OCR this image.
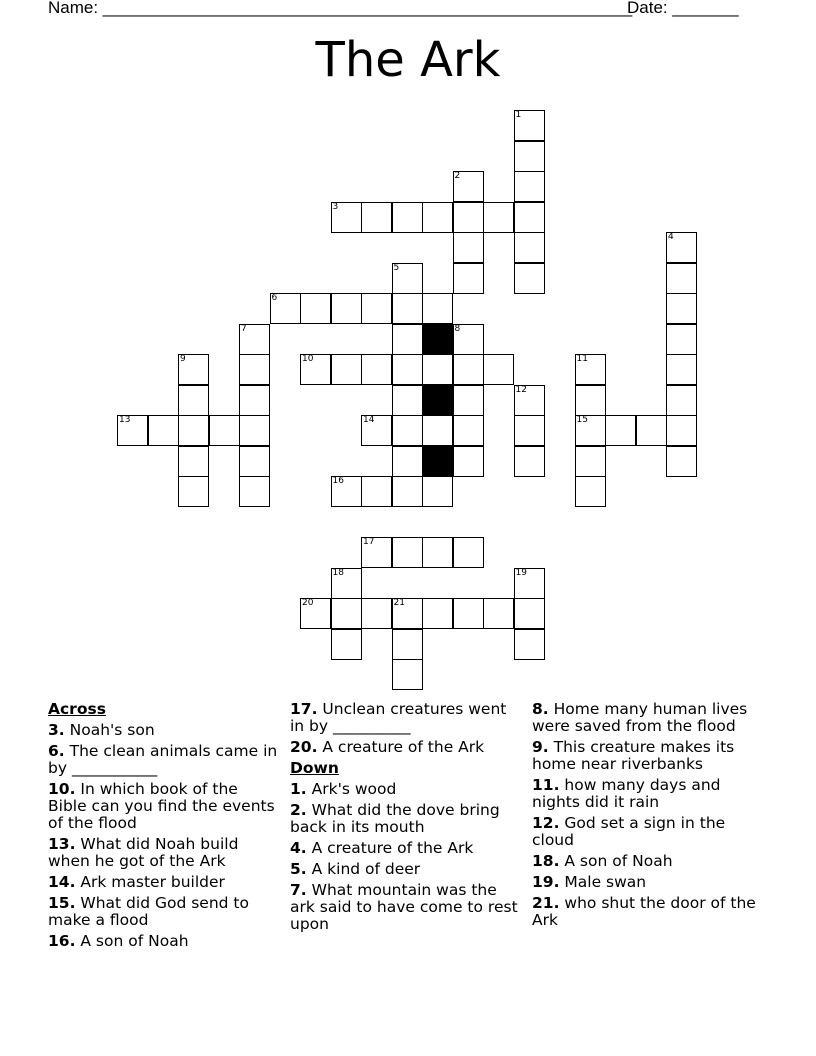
Name: ________________________________________________________
Date: _______
The Ark
1
2
3
4
5
6
7	8
9	10	11
12
13	14	15
16
17
18	19
20	21
Across
3. Noah's son
6. The clean animals came in by ___________
10. In which book of the Bible can you find the events of the flood
13. What did Noah build when he got of the Ark
14. Ark master builder
15. What did God send to make a flood
16. A son of Noah
17. Unclean creatures went in by __________
20. A creature of the Ark
Down
1. Ark's wood
2. What did the dove bring back in its mouth
4. A creature of the Ark
5. A kind of deer
7. What mountain was the ark said to have come to rest upon
8. Home many human lives were saved from the flood
9. This creature makes its home near riverbanks
11. how many days and nights did it rain
12. God set a sign in the cloud
18. A son of Noah
19. Male swan
21. who shut the door of the Ark
